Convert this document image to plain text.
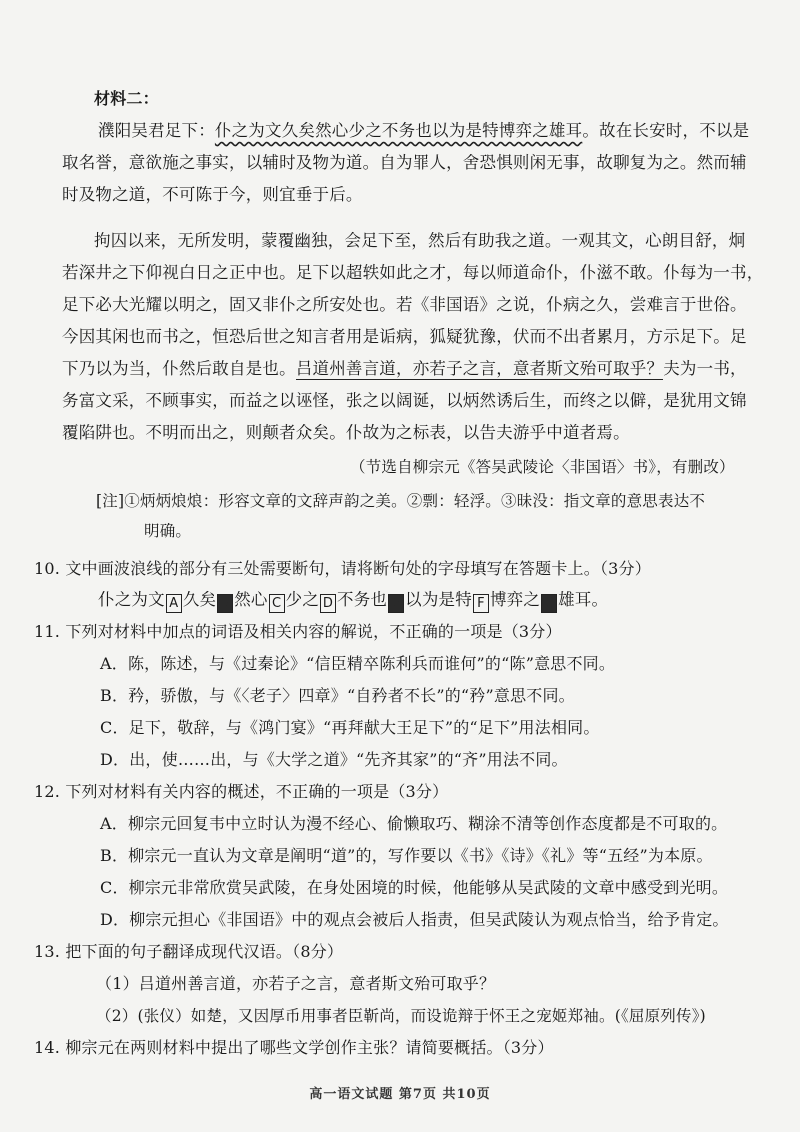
材料二：
濮阳吴君足下：仆之为文久矣然心少之不务也以为是特博弈之雄耳。故在长安时，不以是
取名誉，意欲施之事实，以辅时及物为道。自为罪人，舍恐惧则闲无事，故聊复为之。然而辅
时及物之道，不可陈于今，则宜垂于后。
拘囚以来，无所发明，蒙覆幽独，会足下至，然后有助我之道。一观其文，心朗目舒，炯
若深井之下仰视白日之正中也。足下以超轶如此之才，每以师道命仆，仆滋不敢。仆每为一书，
足下必大光耀以明之，固又非仆之所安处也。若《非国语》之说，仆病之久，尝难言于世俗。
今因其闲也而书之，恒恐后世之知言者用是诟病，狐疑犹豫，伏而不出者累月，方示足下。足
下乃以为当，仆然后敢自是也。吕道州善言道，亦若子之言，意者斯文殆可取乎？夫为一书，
务富文采，不顾事实，而益之以诬怪，张之以阔诞，以炳然诱后生，而终之以僻，是犹用文锦
覆陷阱也。不明而出之，则颠者众矣。仆故为之标表，以告夫游乎中道者焉。
（节选自柳宗元《答吴武陵论〈非国语〉书》，有删改）
[注]①炳炳烺烺：形容文章的文辞声韵之美。②剽：轻浮。③昧没：指文章的意思表达不
明确。
10. 文中画波浪线的部分有三处需要断句，请将断句处的字母填写在答题卡上。（3分）
仆之为文 A 久矣 B 然心 C 少之 D 不务也 E 以为是特 F 博弈之 G 雄耳。
11. 下列对材料中加点的词语及相关内容的解说，不正确的一项是（3分）
A．陈，陈述，与《过秦论》“信臣精卒陈利兵而谁何”的“陈”意思不同。
B．矜，骄傲，与《〈老子〉四章》“自矜者不长”的“矜”意思不同。
C．足下，敬辞，与《鸿门宴》“再拜献大王足下”的“足下”用法相同。
D．出，使……出，与《大学之道》“先齐其家”的“齐”用法不同。
12. 下列对材料有关内容的概述，不正确的一项是（3分）
A．柳宗元回复韦中立时认为漫不经心、偷懒取巧、糊涂不清等创作态度都是不可取的。
B．柳宗元一直认为文章是阐明“道”的，写作要以《书》《诗》《礼》等“五经”为本原。
C．柳宗元非常欣赏吴武陵，在身处困境的时候，他能够从吴武陵的文章中感受到光明。
D．柳宗元担心《非国语》中的观点会被后人指责，但吴武陵认为观点恰当，给予肯定。
13. 把下面的句子翻译成现代汉语。（8分）
（1）吕道州善言道，亦若子之言，意者斯文殆可取乎？
（2）(张仪）如楚，又因厚币用事者臣靳尚，而设诡辩于怀王之宠姬郑袖。(《屈原列传》)
14. 柳宗元在两则材料中提出了哪些文学创作主张？请简要概括。（3分）
高一语文试题 第7页 共10页
